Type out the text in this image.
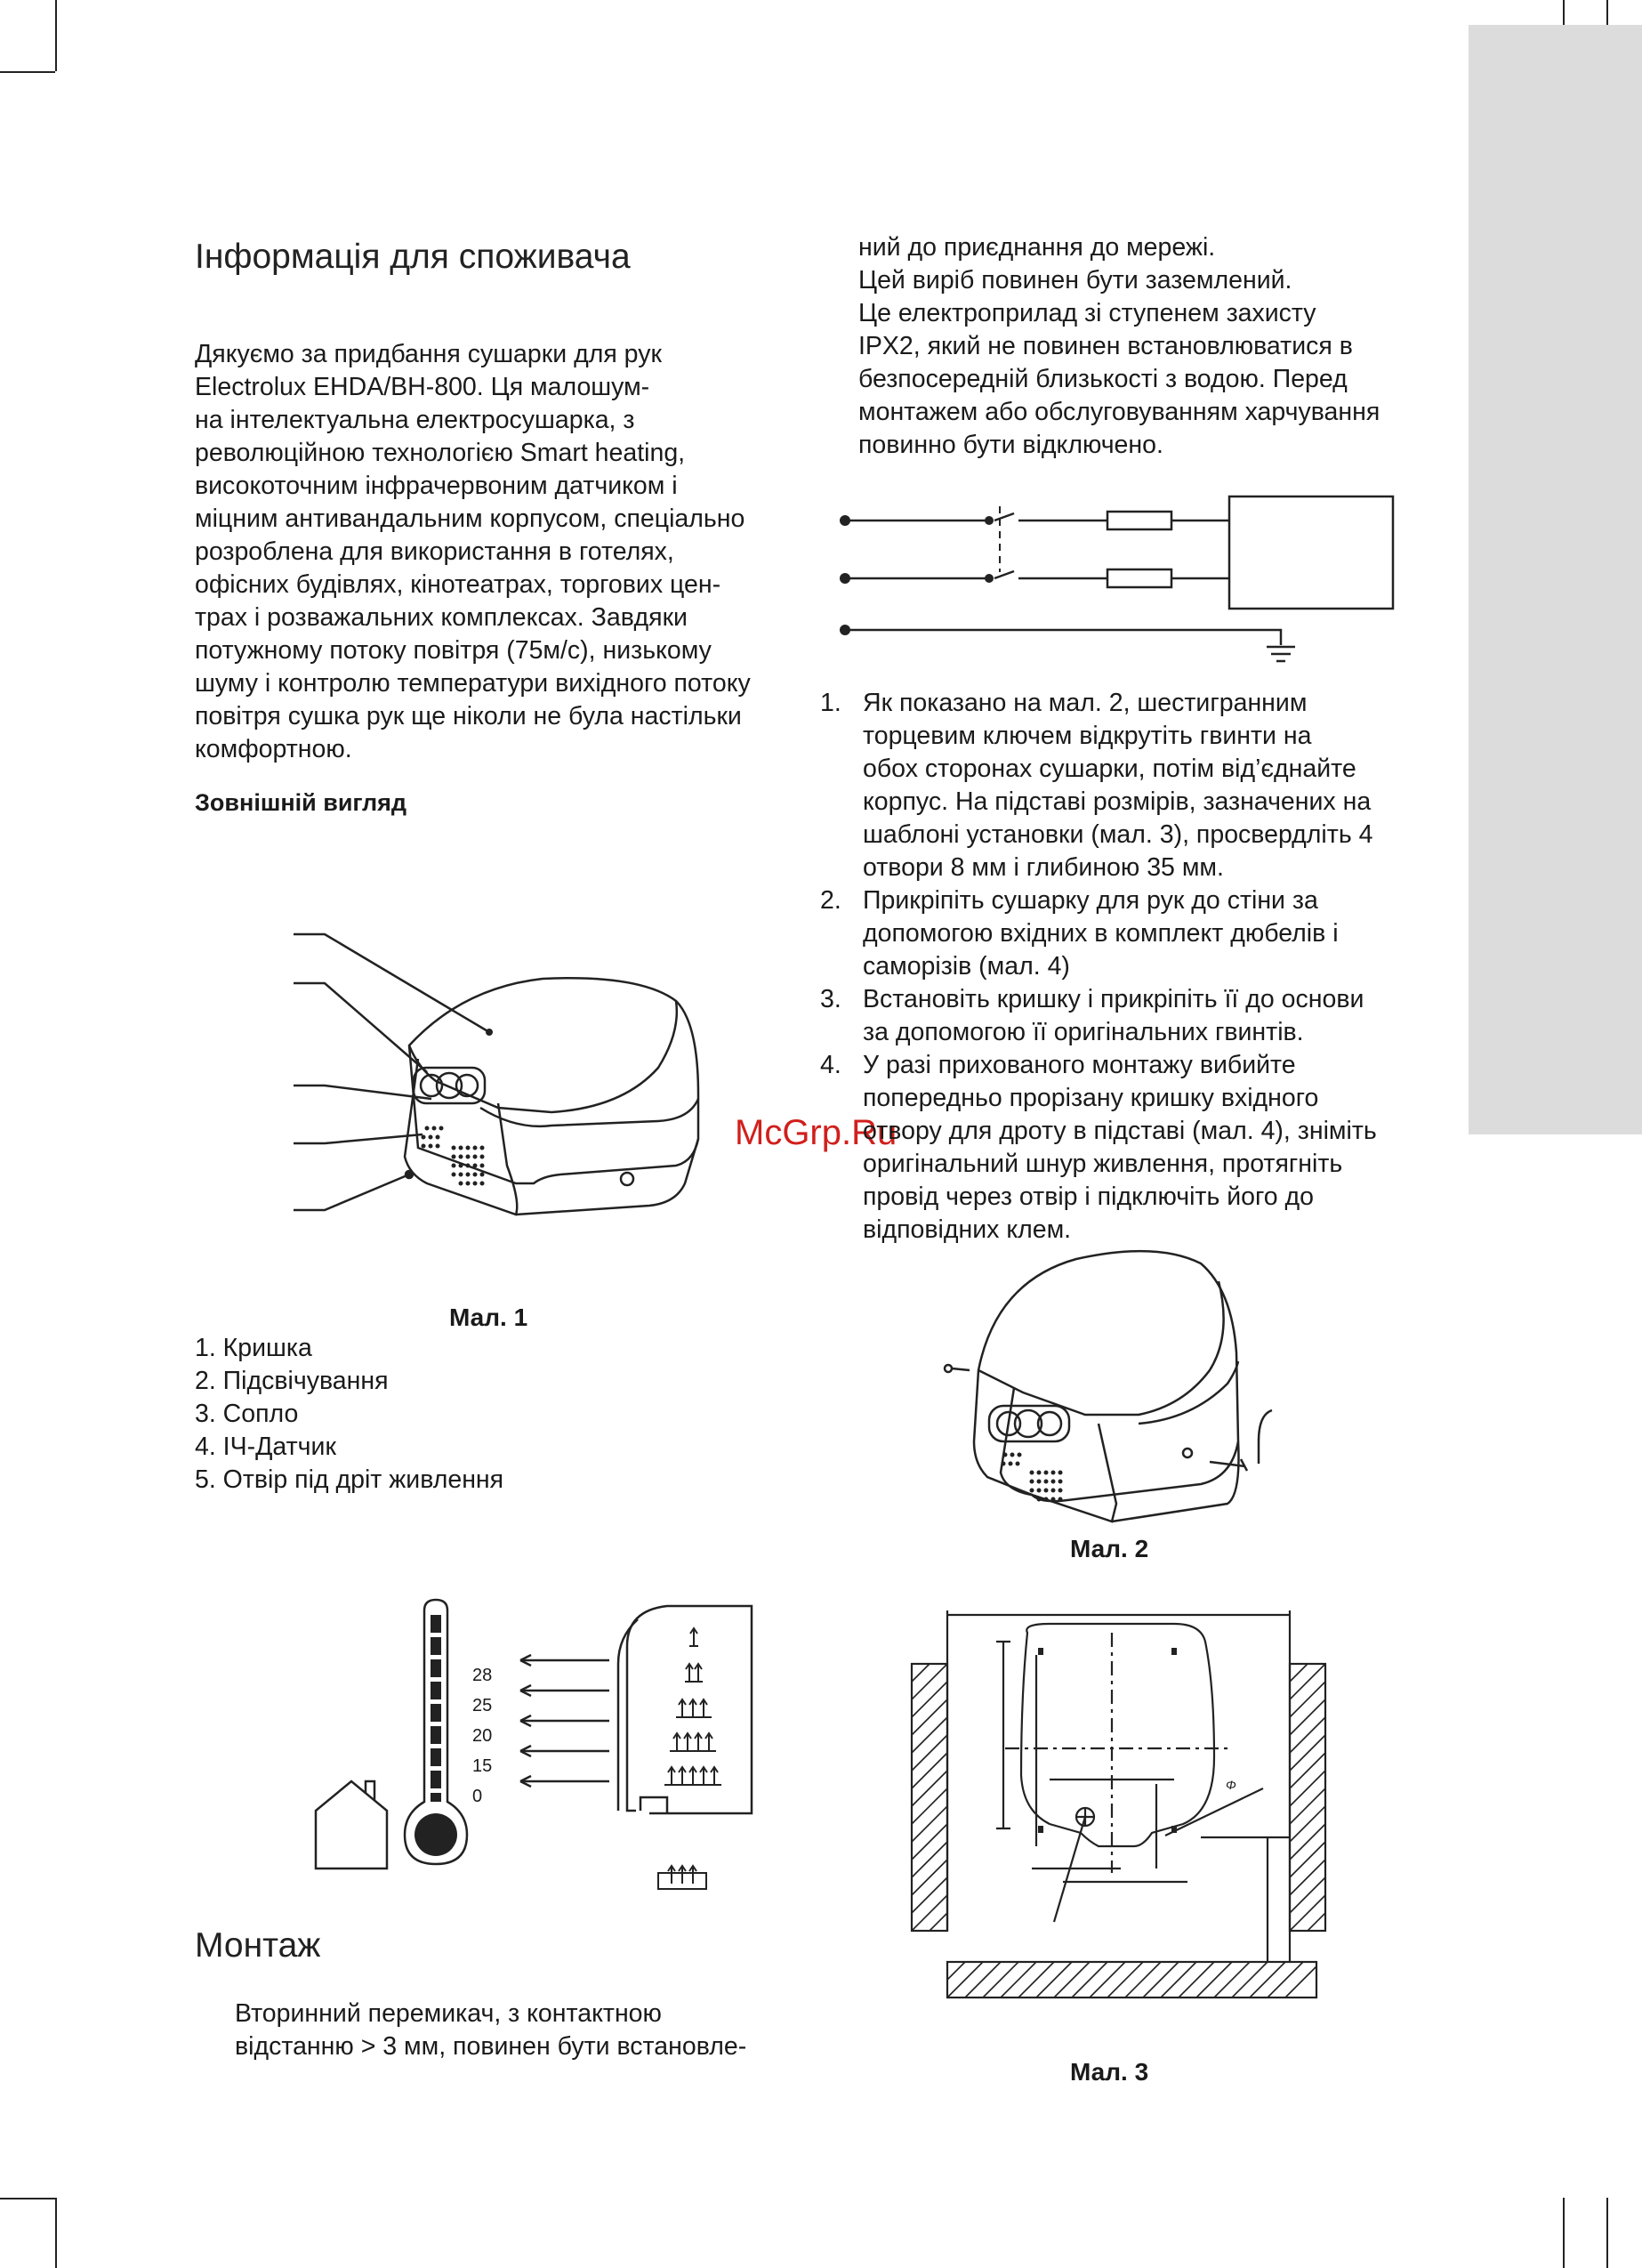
McGrp.Ru
Інформація для споживача
Дякуємо за придбання сушарки для рук
Electrolux EHDA/BH-800. Ця малошум-
на інтелектуальна електросушарка, з
революційною технологією Smart heating,
високоточним інфрачервоним датчиком і
міцним антивандальним корпусом, спеціально
розроблена для використання в готелях,
офісних будівлях, кінотеатрах, торгових цен-
трах і розважальних комплексах. Завдяки
потужному потоку повітря (75м/с), низькому
шуму і контролю температури вихідного потоку
повітря сушка рук ще ніколи не була настільки
комфортною.
Зовнішній вигляд
Мал. 1
1. Кришка
2. Підсвічування
3. Сопло
4. ІЧ-Датчик
5. Отвір під дріт живлення
28
25
20
15
0
Монтаж
Вторинний перемикач, з контактною
відстанню > 3 мм, повинен бути встановле-
ний до приєднання до мережі.
Цей виріб повинен бути заземлений.
Це електроприлад зі ступенем захисту
IPX2, який не повинен встановлюватися в
безпосередній близькості з водою. Перед
монтажем або обслуговуванням харчування
повинно бути відключено.
1. Як показано на мал. 2, шестигранним
торцевим ключем відкрутіть гвинти на
обох сторонах сушарки, потім від’єднайте
корпус. На підставі розмірів, зазначених на
шаблоні установки (мал. 3), просвердліть 4
отвори 8 мм і глибиною 35 мм.
2. Прикріпіть сушарку для рук до стіни за
допомогою вхідних в комплект дюбелів і
саморізів (мал. 4)
3. Встановіть кришку і прикріпіть її до основи
за допомогою її оригінальних гвинтів.
4. У разі прихованого монтажу вибийте
попередньо прорізану кришку вхідного
отвору для дроту в підставі (мал. 4), зніміть
оригінальний шнур живлення, протягніть
провід через отвір і підключіть його до
відповідних клем.
Мал. 2
Φ
Мал. 3
